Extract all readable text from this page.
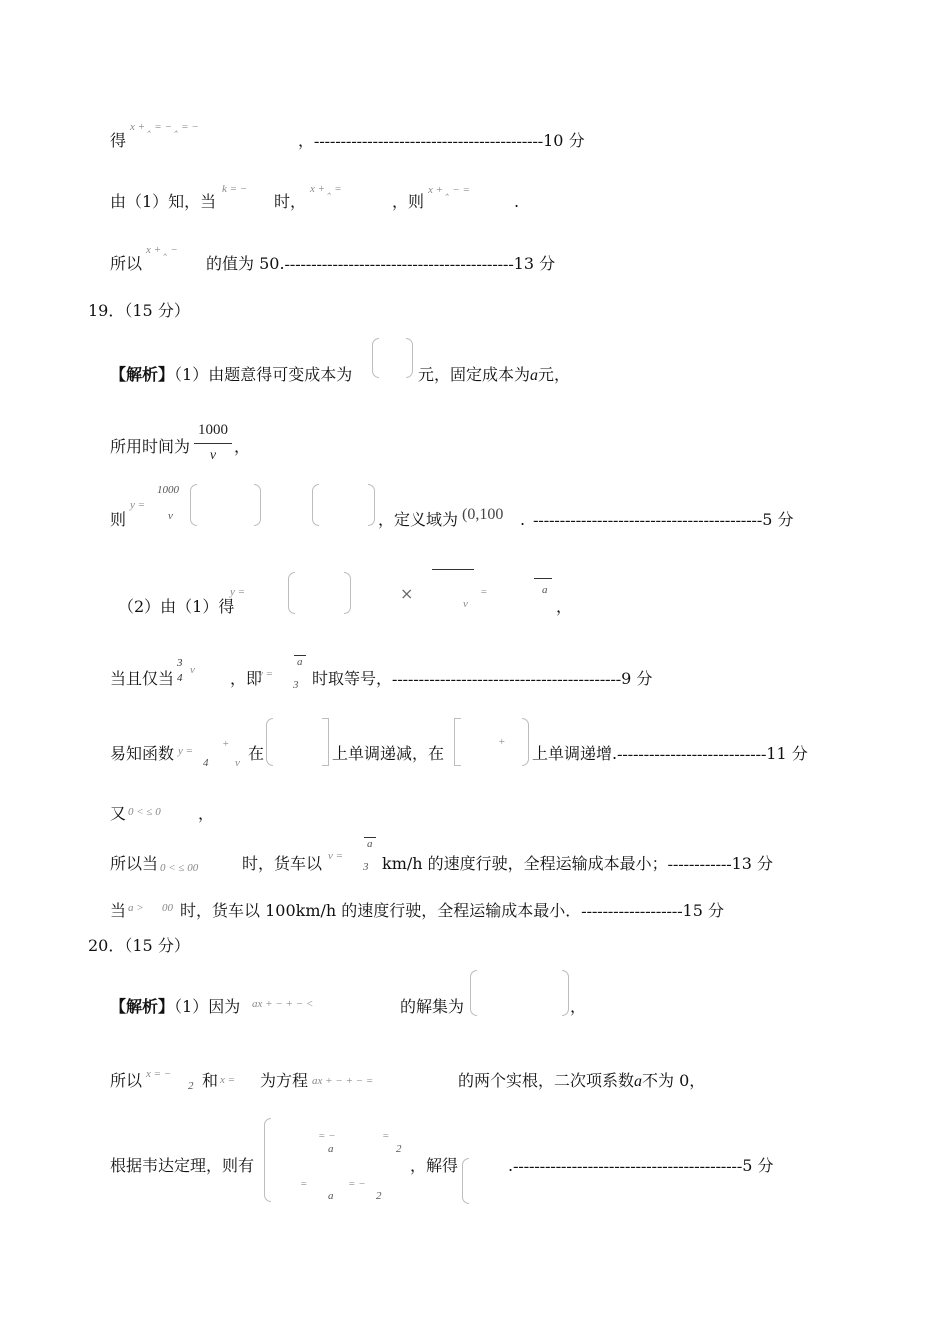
得
x + ‸ = − ‸ = −
，-------------------------------------------10 分
由（1）知，当
k = −
时，
x + ‸ =
，则
x + ‸ − =
.
所以
x + ‸ −
的值为 50.-------------------------------------------13 分
19．（15 分）
【解析】（1）由题意得可变成本为	元，固定成本为a元，
所用时间为
1000
v	，
则
y =
1000
v	，定义域为 (0,100 . -------------------------------------------5 分
（2）由（1）得
y =	×
v
=	a
，
当且仅当
3
4
v ，即
v =
a
3 时取等号，-------------------------------------------9 分
易知函数 y =
4
+
v 在	上单调递减，在
+
上单调递增.----------------------------11 分
又 0 < ≤ 0 ，
所以当 0 < ≤ 00	时，货车以 v =
a
3 km/h 的速度行驶，全程运输成本最小；------------13 分
当 a > 00 时，货车以 100km/h 的速度行驶，全程运输成本最小．-------------------15 分
20．（15 分）
【解析】（1）因为 ax + − + − <	的解集为	，
所以 x = −
2 和 x = 为方程 ax + − + − =	的两个实根，二次项系数a不为 0，
根据韦达定理，则有
= −
a
=
2
=
a
= −
2
，解得	.-------------------------------------------5 分
